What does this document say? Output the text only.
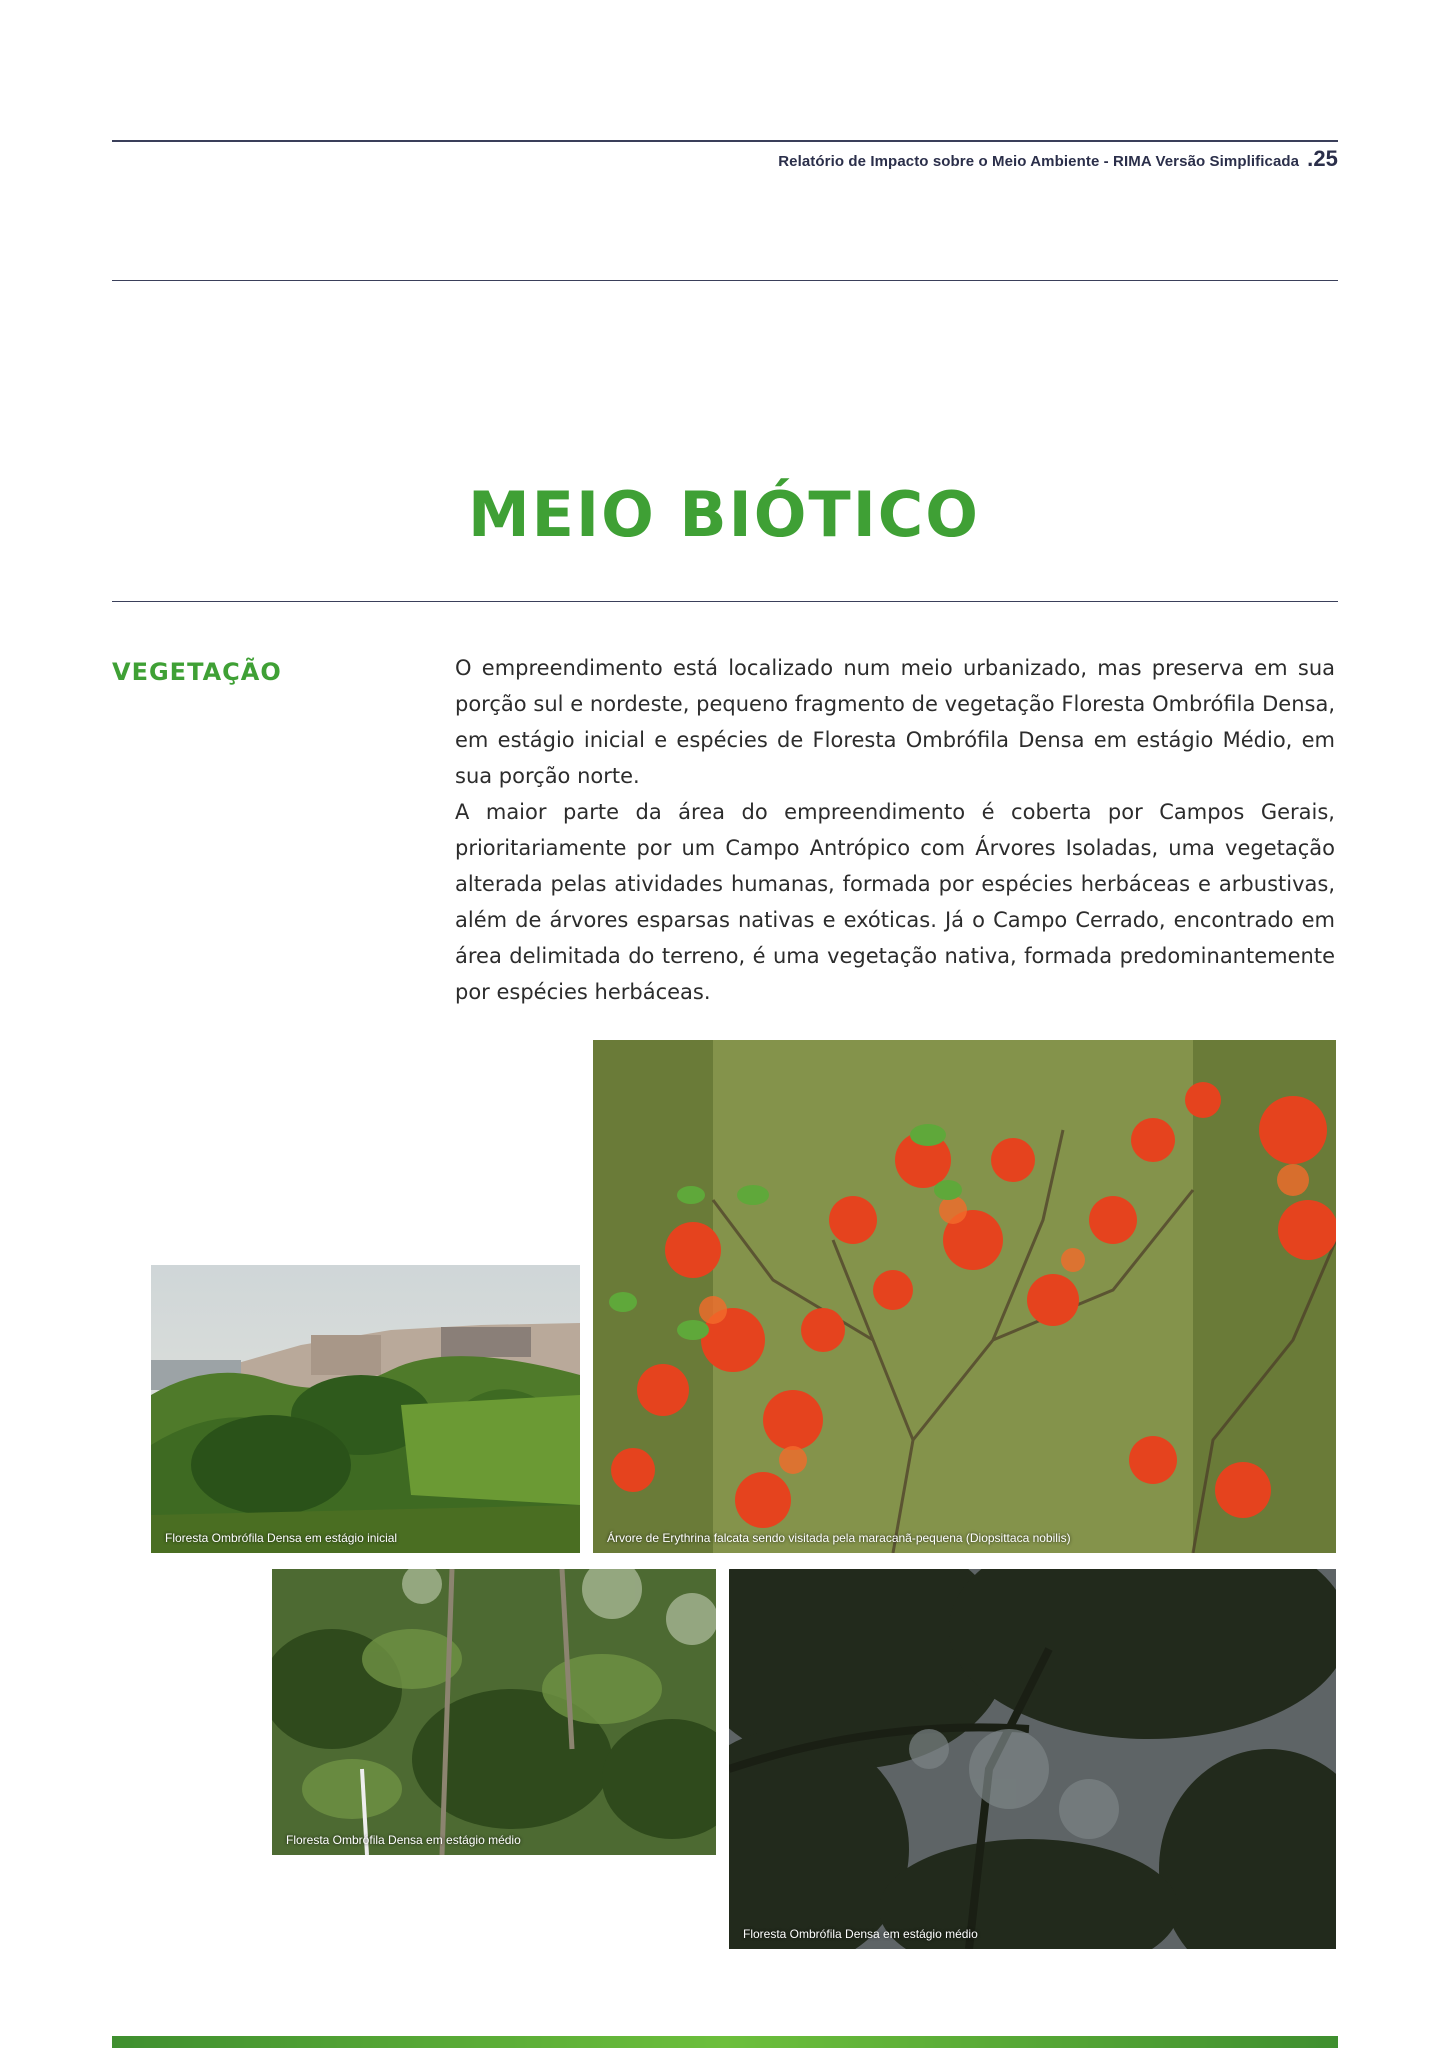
Relatório de Impacto sobre o Meio Ambiente - RIMA Versão Simplificada .25
MEIO BIÓTICO
VEGETAÇÃO	O empreendimento está localizado num meio urbanizado, mas preserva em sua porção sul e nordeste, pequeno fragmento de vegetação Floresta Ombrófila Densa, em estágio inicial e espécies de Floresta Ombrófila Densa em estágio Médio, em sua porção norte.

A maior parte da área do empreendimento é coberta por Campos Gerais, prioritariamente por um Campo Antrópico com Árvores Isoladas, uma vegetação alterada pelas atividades humanas, formada por espécies herbáceas e arbustivas, além de árvores esparsas nativas e exóticas. Já o Campo Cerrado, encontrado em área delimitada do terreno, é uma vegetação nativa, formada predominantemente por espécies herbáceas.

Floresta Ombrófila Densa em estágio inicial	Árvore de Erythrina falcata sendo visitada pela maracanã-pequena (Diopsittaca nobilis)
Floresta Ombrófila Densa em estágio médio
Floresta Ombrófila Densa em estágio médio
